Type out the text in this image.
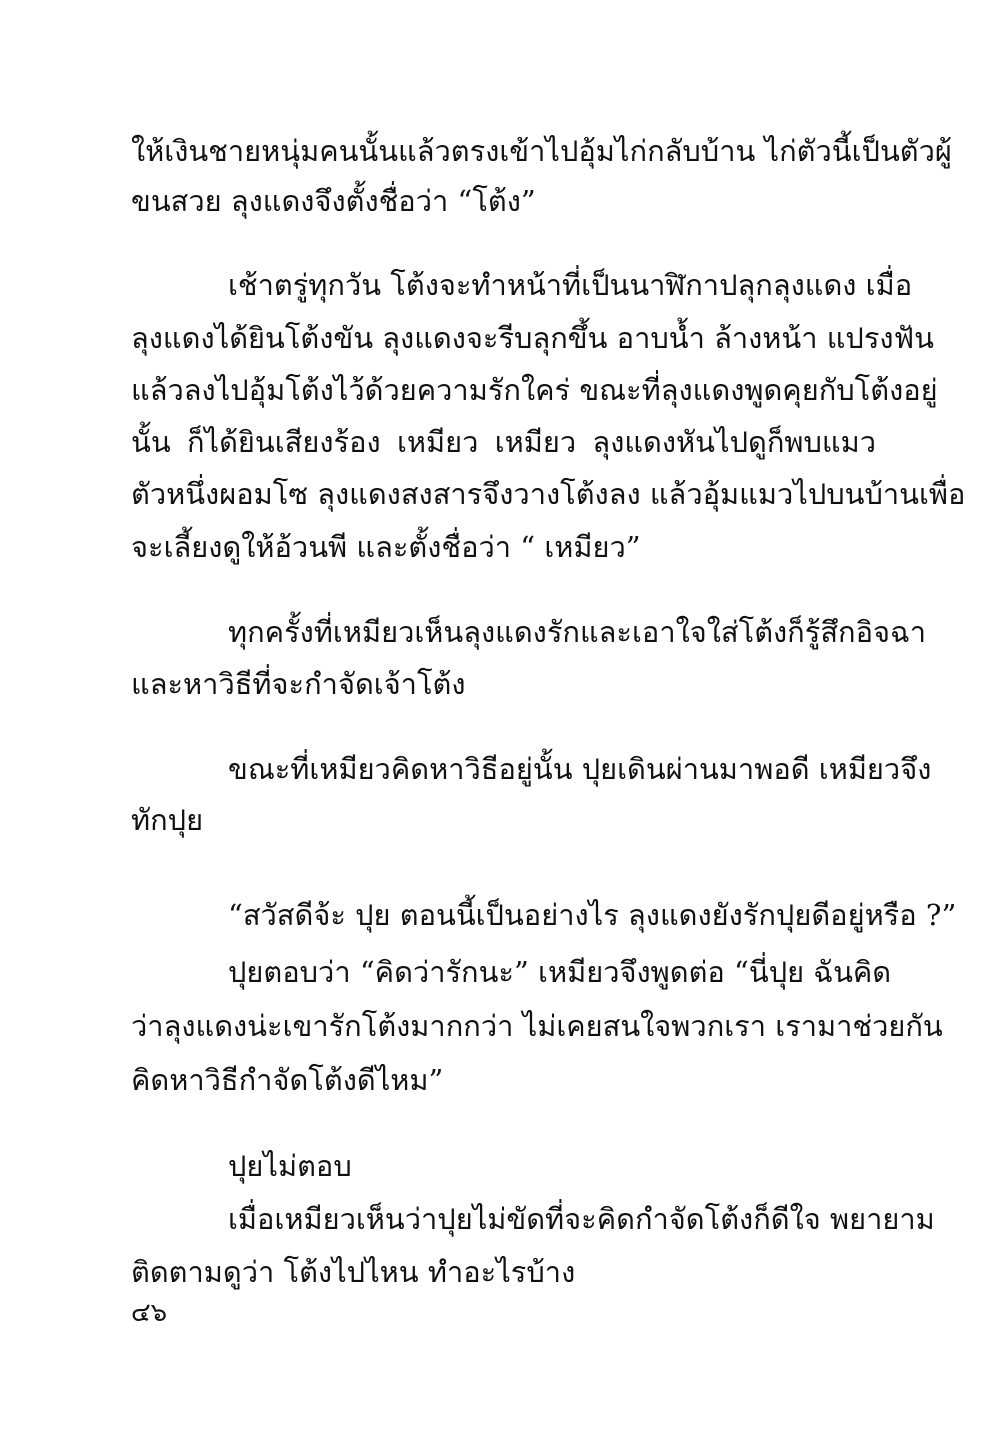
ให้เงินชายหนุ่มคนนั้นแล้วตรงเข้าไปอุ้มไก่กลับบ้าน ไก่ตัวนี้เป็นตัวผู้
ขนสวย ลุงแดงจึงตั้งชื่อว่า “โต้ง”
เช้าตรู่ทุกวัน โต้งจะทำหน้าที่เป็นนาฬิกาปลุกลุงแดง เมื่อ
ลุงแดงได้ยินโต้งขัน ลุงแดงจะรีบลุกขึ้น อาบน้ำ ล้างหน้า แปรงฟัน
แล้วลงไปอุ้มโต้งไว้ด้วยความรักใคร่ ขณะที่ลุงแดงพูดคุยกับโต้งอยู่
นั้น ก็ได้ยินเสียงร้อง เหมียว เหมียว ลุงแดงหันไปดูก็พบแมว
ตัวหนึ่งผอมโซ ลุงแดงสงสารจึงวางโต้งลง แล้วอุ้มแมวไปบนบ้านเพื่อ
จะเลี้ยงดูให้อ้วนพี และตั้งชื่อว่า “ เหมียว”
ทุกครั้งที่เหมียวเห็นลุงแดงรักและเอาใจใส่โต้งก็รู้สึกอิจฉา
และหาวิธีที่จะกำจัดเจ้าโต้ง
ขณะที่เหมียวคิดหาวิธีอยู่นั้น ปุยเดินผ่านมาพอดี เหมียวจึง
ทักปุย
“สวัสดีจ้ะ ปุย ตอนนี้เป็นอย่างไร ลุงแดงยังรักปุยดีอยู่หรือ ?”
ปุยตอบว่า “คิดว่ารักนะ” เหมียวจึงพูดต่อ “นี่ปุย ฉันคิด
ว่าลุงแดงน่ะเขารักโต้งมากกว่า ไม่เคยสนใจพวกเรา เรามาช่วยกัน
คิดหาวิธีกำจัดโต้งดีไหม”
ปุยไม่ตอบ
เมื่อเหมียวเห็นว่าปุยไม่ขัดที่จะคิดกำจัดโต้งก็ดีใจ พยายาม
ติดตามดูว่า โต้งไปไหน ทำอะไรบ้าง
๔๖
